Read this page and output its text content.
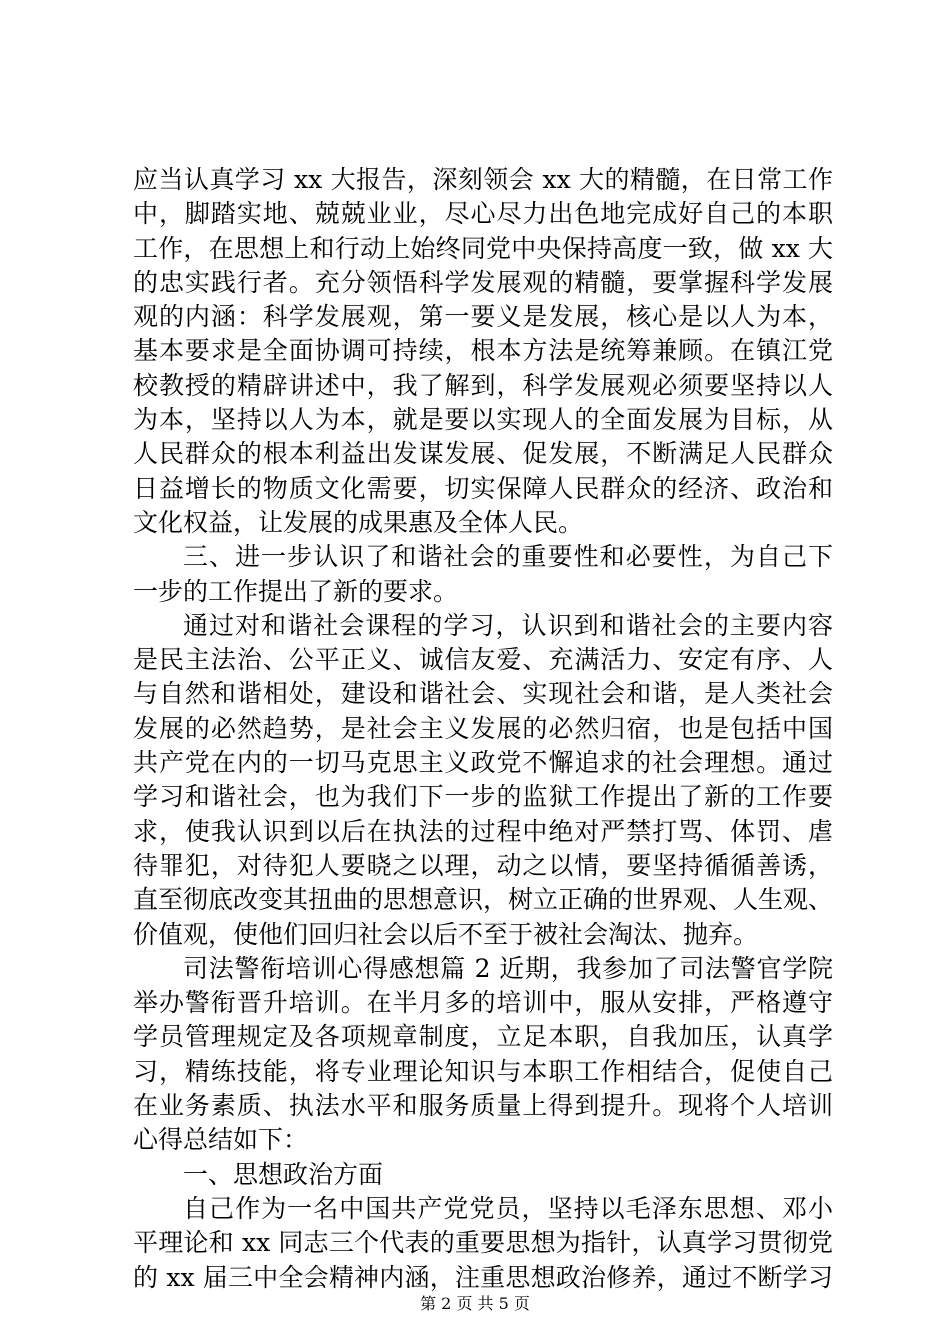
应当认真学习 xx 大报告，深刻领会 xx 大的精髓，在日常工作
中，脚踏实地、兢兢业业，尽心尽力出色地完成好自己的本职
工作，在思想上和行动上始终同党中央保持高度一致，做 xx 大
的忠实践行者。充分领悟科学发展观的精髓，要掌握科学发展
观的内涵：科学发展观，第一要义是发展，核心是以人为本，
基本要求是全面协调可持续，根本方法是统筹兼顾。在镇江党
校教授的精辟讲述中，我了解到，科学发展观必须要坚持以人
为本，坚持以人为本，就是要以实现人的全面发展为目标，从
人民群众的根本利益出发谋发展、促发展，不断满足人民群众
日益增长的物质文化需要，切实保障人民群众的经济、政治和
文化权益，让发展的成果惠及全体人民。
三、进一步认识了和谐社会的重要性和必要性，为自己下
一步的工作提出了新的要求。
通过对和谐社会课程的学习，认识到和谐社会的主要内容
是民主法治、公平正义、诚信友爱、充满活力、安定有序、人
与自然和谐相处，建设和谐社会、实现社会和谐，是人类社会
发展的必然趋势，是社会主义发展的必然归宿，也是包括中国
共产党在内的一切马克思主义政党不懈追求的社会理想。通过
学习和谐社会，也为我们下一步的监狱工作提出了新的工作要
求，使我认识到以后在执法的过程中绝对严禁打骂、体罚、虐
待罪犯，对待犯人要晓之以理，动之以情，要坚持循循善诱，
直至彻底改变其扭曲的思想意识，树立正确的世界观、人生观、
价值观，使他们回归社会以后不至于被社会淘汰、抛弃。
司法警衔培训心得感想篇 2 近期，我参加了司法警官学院
举办警衔晋升培训。在半月多的培训中，服从安排，严格遵守
学员管理规定及各项规章制度，立足本职，自我加压，认真学
习，精练技能，将专业理论知识与本职工作相结合，促使自己
在业务素质、执法水平和服务质量上得到提升。现将个人培训
心得总结如下：
一、思想政治方面
自己作为一名中国共产党党员，坚持以毛泽东思想、邓小
平理论和 xx 同志三个代表的重要思想为指针，认真学习贯彻党
的 xx 届三中全会精神内涵，注重思想政治修养，通过不断学习
第 2 页 共 5 页
